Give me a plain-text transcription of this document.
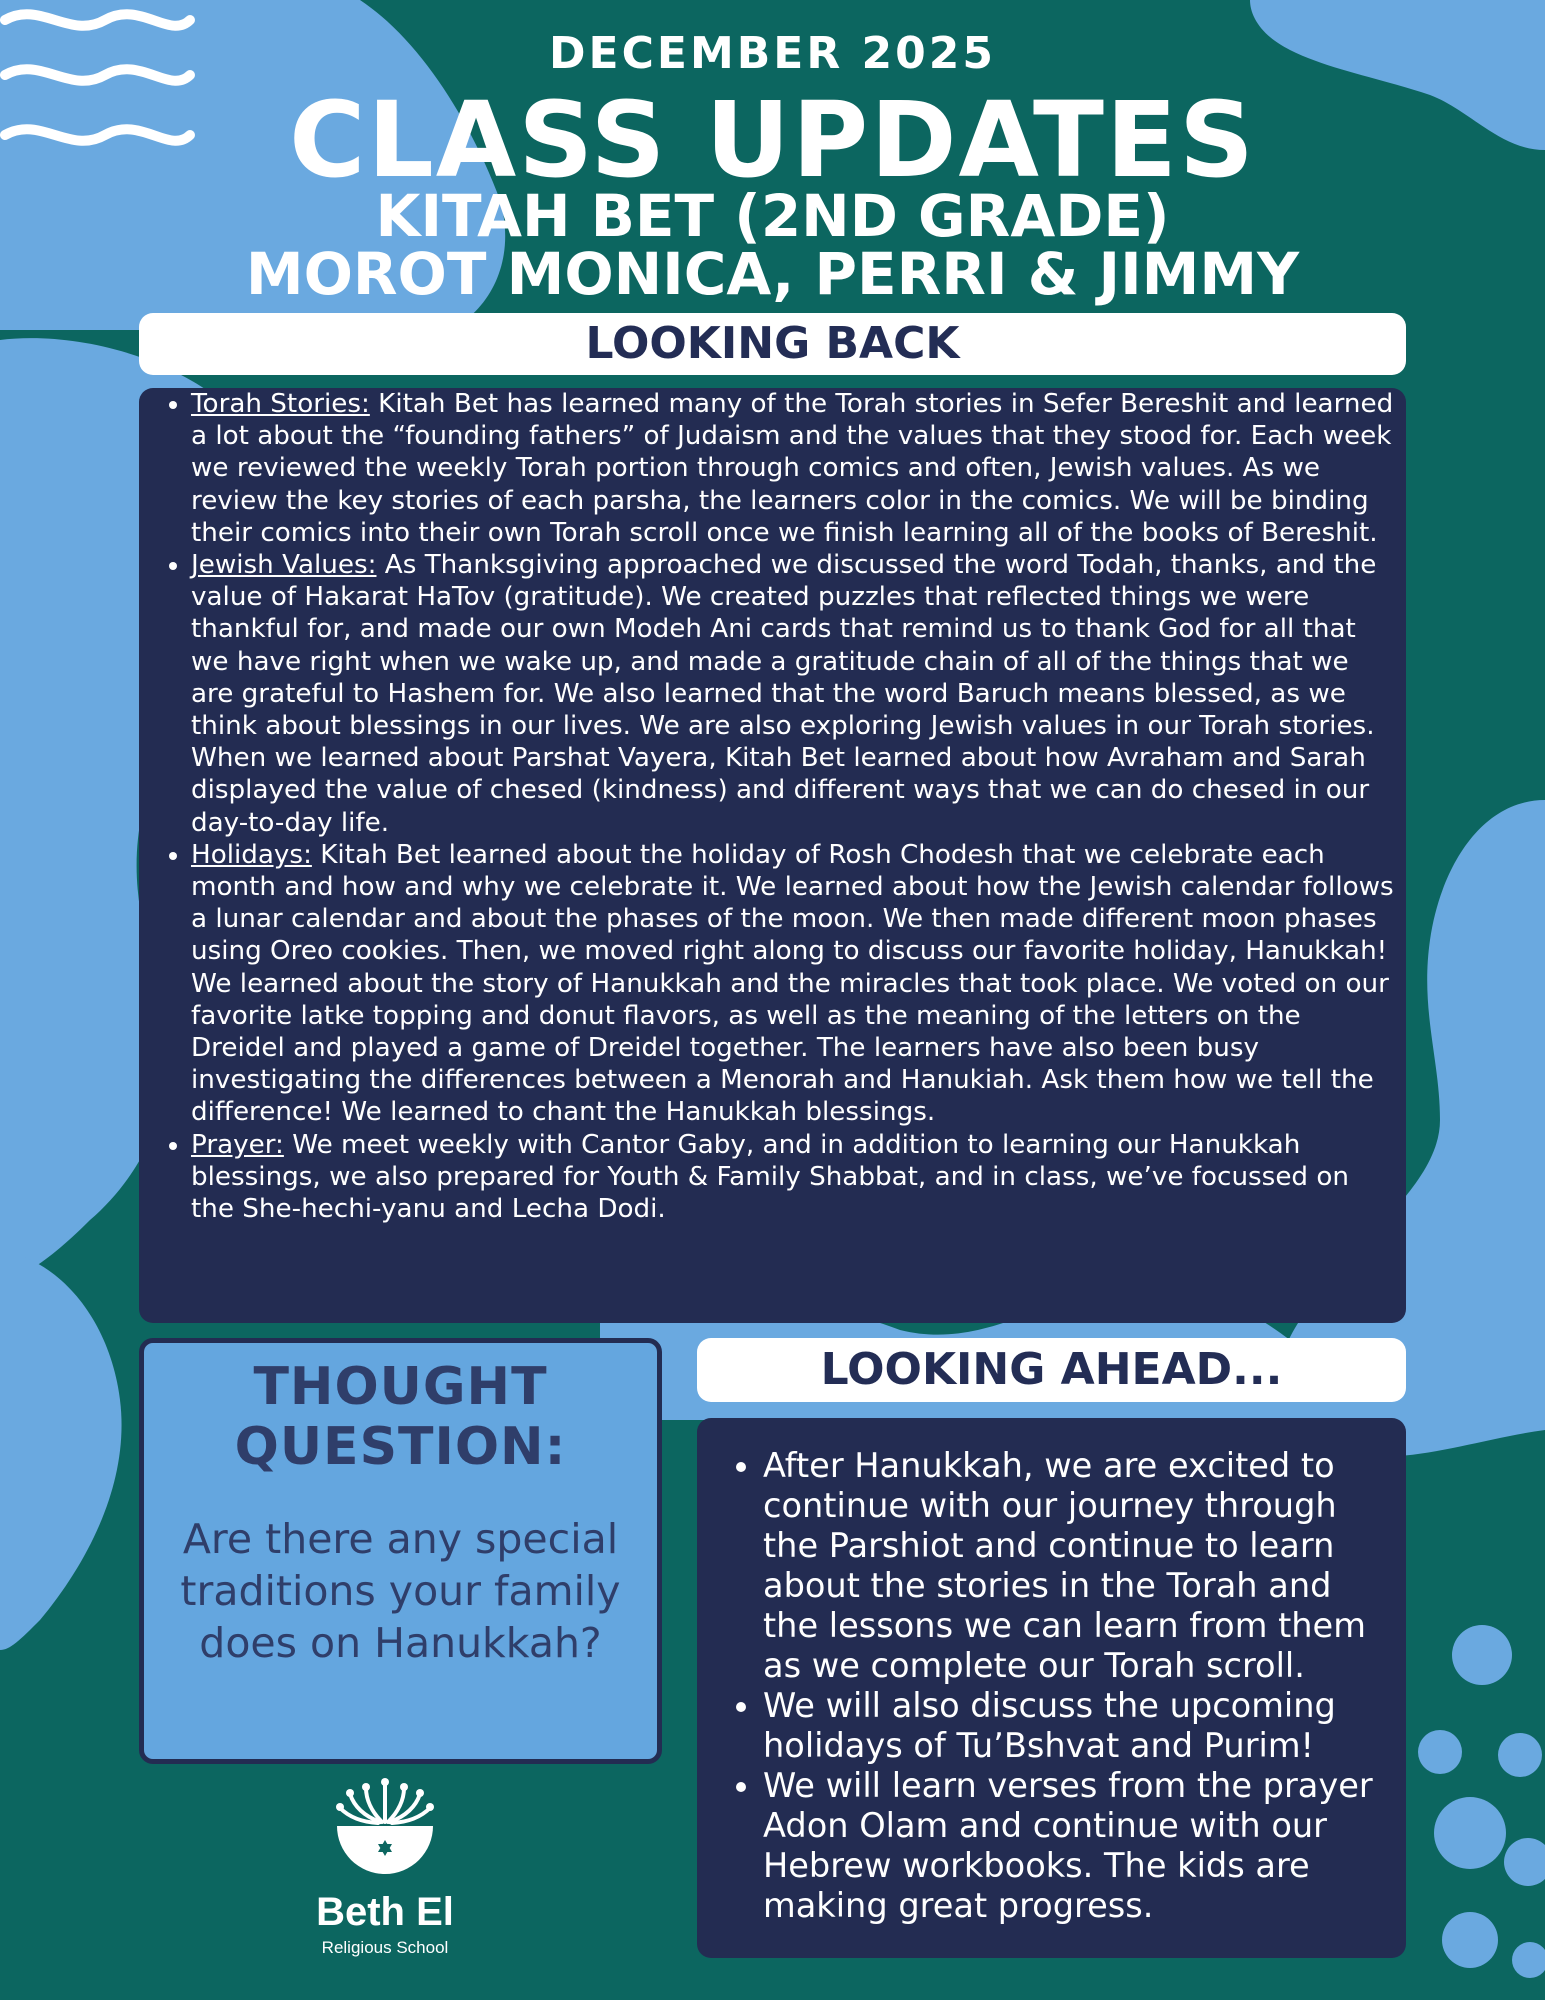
DECEMBER 2025
CLASS UPDATES
KITAH BET (2ND GRADE)
MOROT MONICA, PERRI & JIMMY
LOOKING BACK
• Torah Stories: Kitah Bet has learned many of the Torah stories in Sefer Bereshit and learned a lot about the “founding fathers” of Judaism and the values that they stood for. Each week we reviewed the weekly Torah portion through comics and often, Jewish values. As we review the key stories of each parsha, the learners color in the comics. We will be binding their comics into their own Torah scroll once we finish learning all of the books of Bereshit.
• Jewish Values: As Thanksgiving approached we discussed the word Todah, thanks, and the value of Hakarat HaTov (gratitude). We created puzzles that reflected things we were thankful for, and made our own Modeh Ani cards that remind us to thank God for all that we have right when we wake up, and made a gratitude chain of all of the things that we are grateful to Hashem for. We also learned that the word Baruch means blessed, as we think about blessings in our lives. We are also exploring Jewish values in our Torah stories. When we learned about Parshat Vayera, Kitah Bet learned about how Avraham and Sarah displayed the value of chesed (kindness) and different ways that we can do chesed in our day-to-day life.
• Holidays: Kitah Bet learned about the holiday of Rosh Chodesh that we celebrate each month and how and why we celebrate it. We learned about how the Jewish calendar follows a lunar calendar and about the phases of the moon. We then made different moon phases using Oreo cookies. Then, we moved right along to discuss our favorite holiday, Hanukkah! We learned about the story of Hanukkah and the miracles that took place. We voted on our favorite latke topping and donut flavors, as well as the meaning of the letters on the Dreidel and played a game of Dreidel together. The learners have also been busy investigating the differences between a Menorah and Hanukiah. Ask them how we tell the difference! We learned to chant the Hanukkah blessings.
• Prayer: We meet weekly with Cantor Gaby, and in addition to learning our Hanukkah blessings, we also prepared for Youth & Family Shabbat, and in class, we’ve focussed on the She-hechi-yanu and Lecha Dodi.
THOUGHT QUESTION:
Are there any special traditions your family does on Hanukkah?
LOOKING AHEAD...
• After Hanukkah, we are excited to continue with our journey through the Parshiot and continue to learn about the stories in the Torah and the lessons we can learn from them as we complete our Torah scroll.
• We will also discuss the upcoming holidays of Tu’Bshvat and Purim!
• We will learn verses from the prayer Adon Olam and continue with our Hebrew workbooks. The kids are making great progress.
Beth El
Religious School
